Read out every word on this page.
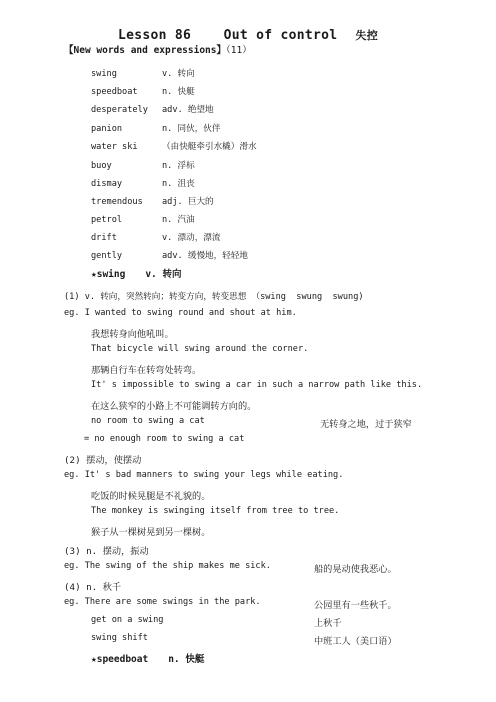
Lesson 86    Out of control 失控
【New words and expressions】（11）
swing	v. 转向
speedboat	n. 快艇
desperately adv. 绝望地
panion	n. 同伙，伙伴
water ski	（由快艇牵引水橇）滑水
buoy	n. 浮标
dismay	n. 沮丧
tremendous adj. 巨大的
petrol	n. 汽油
drift	v. 漂动，漂流
gently	adv. 缓慢地，轻轻地
★swing v. 转向
(1) v. 转向，突然转向；转变方向，转变思想 （swing  swung  swung)
eg. I wanted to swing round and shout at him.
我想转身向他吼叫。
That bicycle will swing around the corner.
那辆自行车在转弯处转弯。
It' s impossible to swing a car in such a narrow path like this.
在这么狭窄的小路上不可能调转方向的。
no room to swing a cat	无转身之地，过于狭窄
= no enough room to swing a cat
(2) 摆动，使摆动
eg. It' s bad manners to swing your legs while eating.
吃饭的时候晃腿是不礼貌的。
The monkey is swinging itself from tree to tree.
猴子从一棵树晃到另一棵树。
(3) n. 摆动，振动
eg. The swing of the ship makes me sick.	船的晃动使我恶心。
(4) n. 秋千
eg. There are some swings in the park.	公园里有一些秋千。
get on a swing	上秋千
swing shift	中班工人（美口语）
★speedboat n. 快艇
